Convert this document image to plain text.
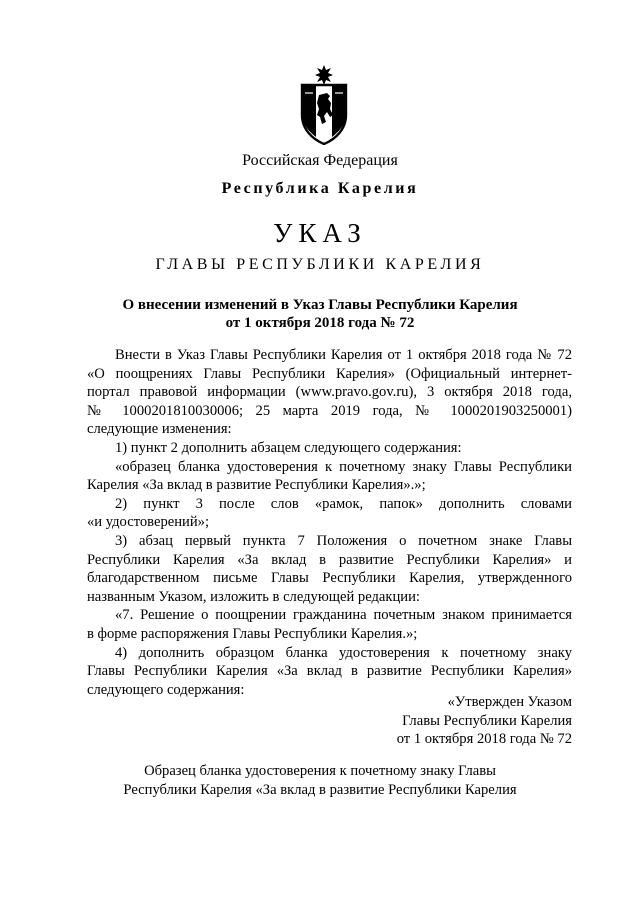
Российская Федерация
Республика Карелия
УКАЗ
ГЛАВЫ РЕСПУБЛИКИ КАРЕЛИЯ
О внесении изменений в Указ Главы Республики Карелия
от 1 октября 2018 года № 72
Внести в Указ Главы Республики Карелия от 1 октября 2018 года № 72
«О поощрениях Главы Республики Карелия» (Официальный интернет-
портал правовой информации (www.pravo.gov.ru), 3 октября 2018 года,
№ 1000201810030006; 25 марта 2019 года, № 1000201903250001)
следующие изменения:
1) пункт 2 дополнить абзацем следующего содержания:
«образец бланка удостоверения к почетному знаку Главы Республики
Карелия «За вклад в развитие Республики Карелия».»;
2) пункт 3 после слов «рамок, папок» дополнить словами
«и удостоверений»;
3) абзац первый пункта 7 Положения о почетном знаке Главы
Республики Карелия «За вклад в развитие Республики Карелия» и
благодарственном письме Главы Республики Карелия, утвержденного
названным Указом, изложить в следующей редакции:
«7. Решение о поощрении гражданина почетным знаком принимается
в форме распоряжения Главы Республики Карелия.»;
4) дополнить образцом бланка удостоверения к почетному знаку
Главы Республики Карелия «За вклад в развитие Республики Карелия»
следующего содержания:
«Утвержден Указом
Главы Республики Карелия
от 1 октября 2018 года № 72
Образец бланка удостоверения к почетному знаку Главы
Республики Карелия «За вклад в развитие Республики Карелия
